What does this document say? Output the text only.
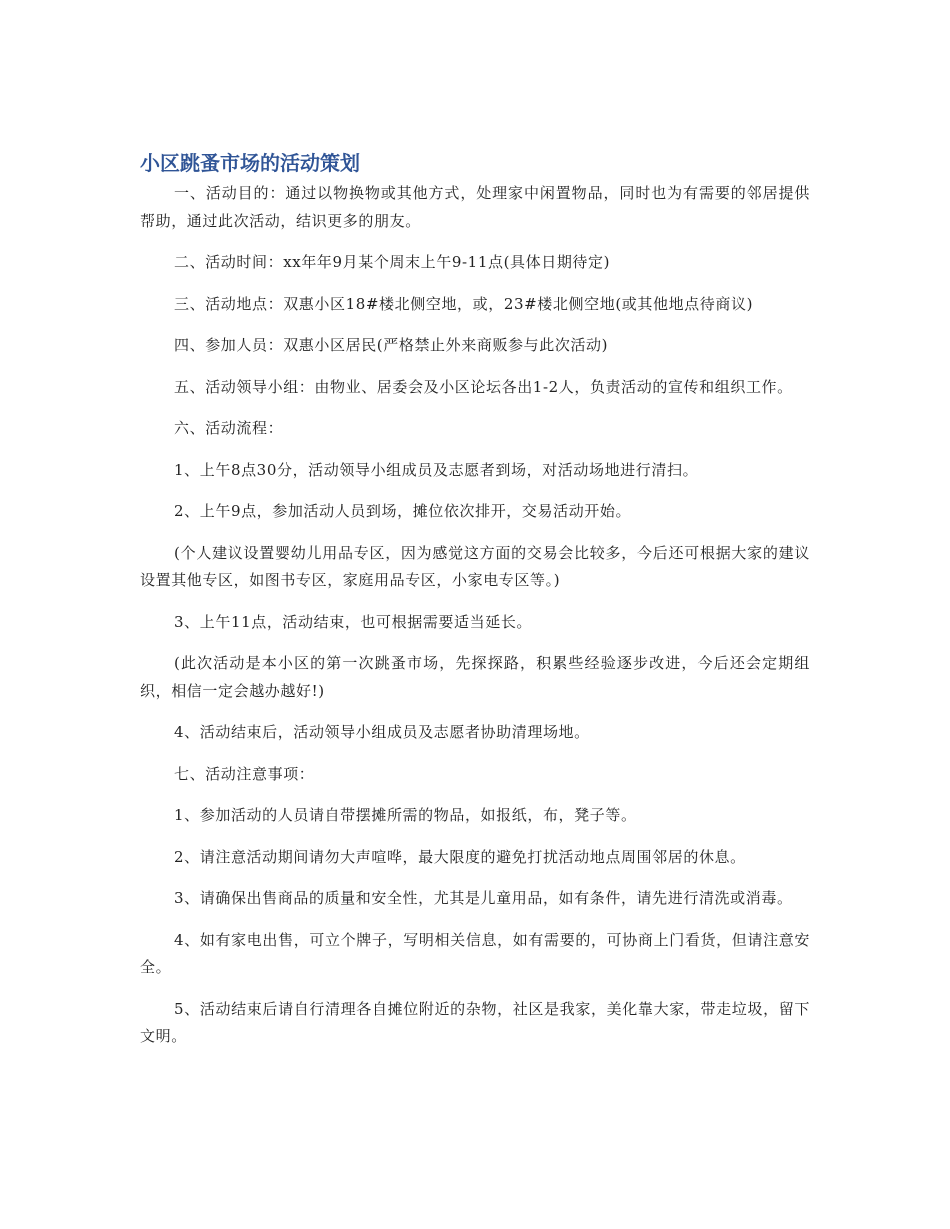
小区跳蚤市场的活动策划

一、活动目的：通过以物换物或其他方式，处理家中闲置物品，同时也为有需要的邻居提供帮助，通过此次活动，结识更多的朋友。

二、活动时间：xx年年9月某个周末上午9-11点(具体日期待定)

三、活动地点：双惠小区18#楼北侧空地，或，23#楼北侧空地(或其他地点待商议)

四、参加人员：双惠小区居民(严格禁止外来商贩参与此次活动)

五、活动领导小组：由物业、居委会及小区论坛各出1-2人，负责活动的宣传和组织工作。

六、活动流程：

1、上午8点30分，活动领导小组成员及志愿者到场，对活动场地进行清扫。

2、上午9点，参加活动人员到场，摊位依次排开，交易活动开始。

(个人建议设置婴幼儿用品专区，因为感觉这方面的交易会比较多，今后还可根据大家的建议设置其他专区，如图书专区，家庭用品专区，小家电专区等。)

3、上午11点，活动结束，也可根据需要适当延长。

(此次活动是本小区的第一次跳蚤市场，先探探路，积累些经验逐步改进，今后还会定期组织，相信一定会越办越好!)

4、活动结束后，活动领导小组成员及志愿者协助清理场地。

七、活动注意事项：

1、参加活动的人员请自带摆摊所需的物品，如报纸，布，凳子等。

2、请注意活动期间请勿大声喧哗，最大限度的避免打扰活动地点周围邻居的休息。

3、请确保出售商品的质量和安全性，尤其是儿童用品，如有条件，请先进行清洗或消毒。

4、如有家电出售，可立个牌子，写明相关信息，如有需要的，可协商上门看货，但请注意安全。

5、活动结束后请自行清理各自摊位附近的杂物，社区是我家，美化靠大家，带走垃圾，留下文明。
